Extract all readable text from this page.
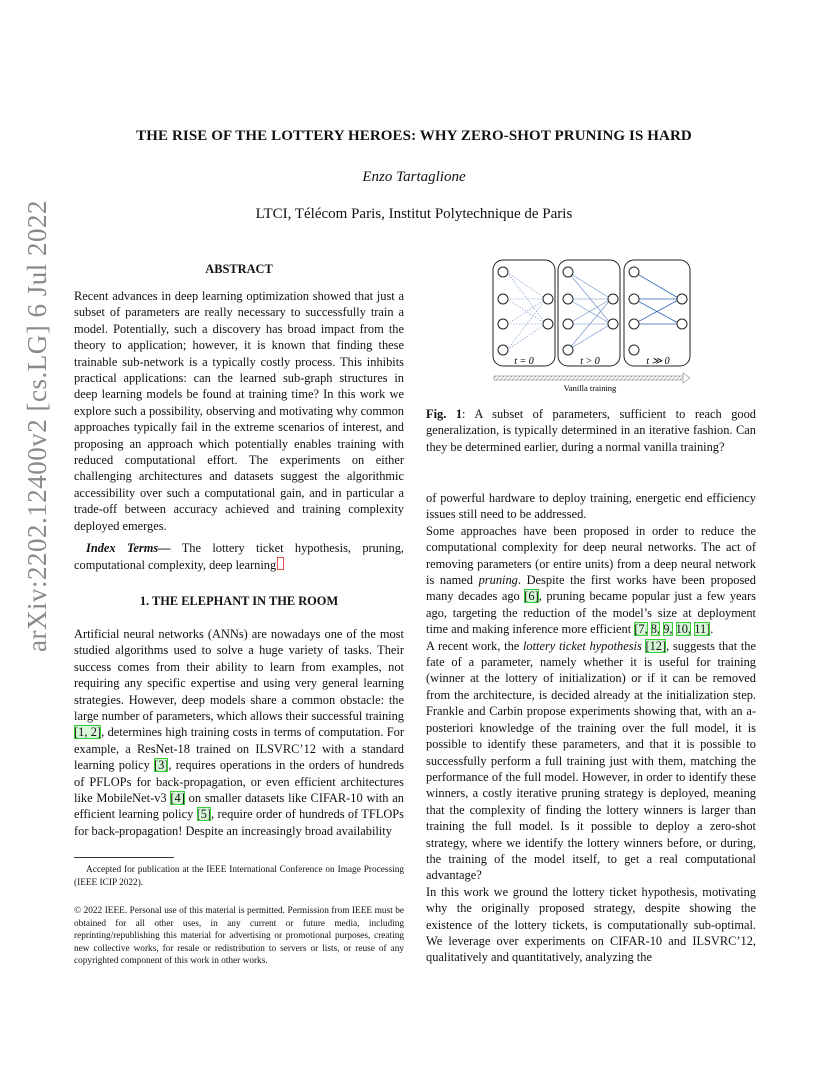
arXiv:2202.12400v2 [cs.LG] 6 Jul 2022
THE RISE OF THE LOTTERY HEROES: WHY ZERO-SHOT PRUNING IS HARD
Enzo Tartaglione
LTCI, Télécom Paris, Institut Polytechnique de Paris
ABSTRACT

Recent advances in deep learning optimization showed that just a subset of parameters are really necessary to successfully train a model. Potentially, such a discovery has broad impact from the theory to application; however, it is known that finding these trainable sub-network is a typically costly process. This inhibits practical applications: can the learned sub-graph structures in deep learning models be found at training time? In this work we explore such a possibility, observing and motivating why common approaches typically fail in the extreme scenarios of interest, and proposing an approach which potentially enables training with reduced computational effort. The experiments on either challenging architectures and datasets suggest the algorithmic accessibility over such a computational gain, and in particular a trade-off between accuracy achieved and training complexity deployed emerges.

Index Terms— The lottery ticket hypothesis, pruning, computational complexity, deep learning

1. THE ELEPHANT IN THE ROOM

Artificial neural networks (ANNs) are nowadays one of the most studied algorithms used to solve a huge variety of tasks. Their success comes from their ability to learn from examples, not requiring any specific expertise and using very general learning strategies. However, deep models share a common obstacle: the large number of parameters, which allows their successful training [1, 2], determines high training costs in terms of computation. For example, a ResNet-18 trained on ILSVRC’12 with a standard learning policy [3], requires operations in the orders of hundreds of PFLOPs for back-propagation, or even efficient architectures like MobileNet-v3 [4] on smaller datasets like CIFAR-10 with an efficient learning policy [5], require order of hundreds of TFLOPs for back-propagation! Despite an increasingly broad availability

Accepted for publication at the IEEE International Conference on Image Processing (IEEE ICIP 2022).
© 2022 IEEE. Personal use of this material is permitted. Permission from IEEE must be obtained for all other uses, in any current or future media, including reprinting/republishing this material for advertising or promotional purposes, creating new collective works, for resale or redistribution to servers or lists, or reuse of any copyrighted component of this work in other works.
t = 0	t > 0	t ≫ 0
Vanilla training
Fig. 1: A subset of parameters, sufficient to reach good generalization, is typically determined in an iterative fashion. Can they be determined earlier, during a normal vanilla training?

of powerful hardware to deploy training, energetic end efficiency issues still need to be addressed.

Some approaches have been proposed in order to reduce the computational complexity for deep neural networks. The act of removing parameters (or entire units) from a deep neural network is named pruning. Despite the first works have been proposed many decades ago [6], pruning became popular just a few years ago, targeting the reduction of the model’s size at deployment time and making inference more efficient [7, 8, 9, 10, 11].

A recent work, the lottery ticket hypothesis [12], suggests that the fate of a parameter, namely whether it is useful for training (winner at the lottery of initialization) or if it can be removed from the architecture, is decided already at the initialization step. Frankle and Carbin propose experiments showing that, with an a-posteriori knowledge of the training over the full model, it is possible to identify these parameters, and that it is possible to successfully perform a full training just with them, matching the performance of the full model. However, in order to identify these winners, a costly iterative pruning strategy is deployed, meaning that the complexity of finding the lottery winners is larger than training the full model. Is it possible to deploy a zero-shot strategy, where we identify the lottery winners before, or during, the training of the model itself, to get a real computational advantage?

In this work we ground the lottery ticket hypothesis, motivating why the originally proposed strategy, despite showing the existence of the lottery tickets, is computationally sub-optimal. We leverage over experiments on CIFAR-10 and ILSVRC’12, qualitatively and quantitatively, analyzing the
